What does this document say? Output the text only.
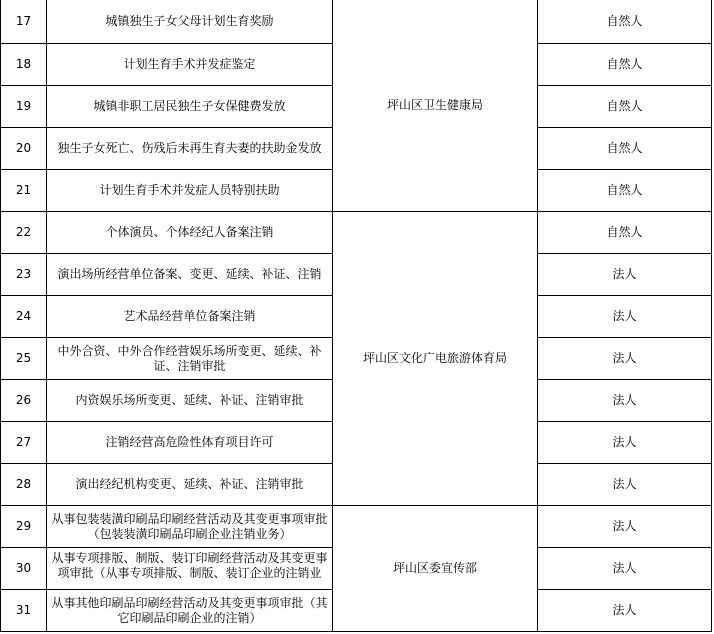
17	城镇独生子女父母计划生育奖励	坪山区卫生健康局	自然人
18	计划生育手术并发症鉴定		自然人
19	城镇非职工居民独生子女保健费发放		自然人
20	独生子女死亡、伤残后未再生育夫妻的扶助金发放		自然人
21	计划生育手术并发症人员特别扶助		自然人
22	个体演员、个体经纪人备案注销	坪山区文化广电旅游体育局	自然人
23	演出场所经营单位备案、变更、延续、补证、注销		法人
24	艺术品经营单位备案注销		法人
25	中外合资、中外合作经营娱乐场所变更、延续、补证、注销审批		法人
26	内资娱乐场所变更、延续、补证、注销审批		法人
27	注销经营高危险性体育项目许可		法人
28	演出经纪机构变更、延续、补证、注销审批		法人
29	从事包装装潢印刷品印刷经营活动及其变更事项审批（包装装潢印刷品印刷企业注销业务）	坪山区委宣传部	法人
30	从事专项排版、制版、装订印刷经营活动及其变更事项审批（从事专项排版、制版、装订企业的注销业		法人
31	从事其他印刷品印刷经营活动及其变更事项审批（其它印刷品印刷企业的注销）		法人
